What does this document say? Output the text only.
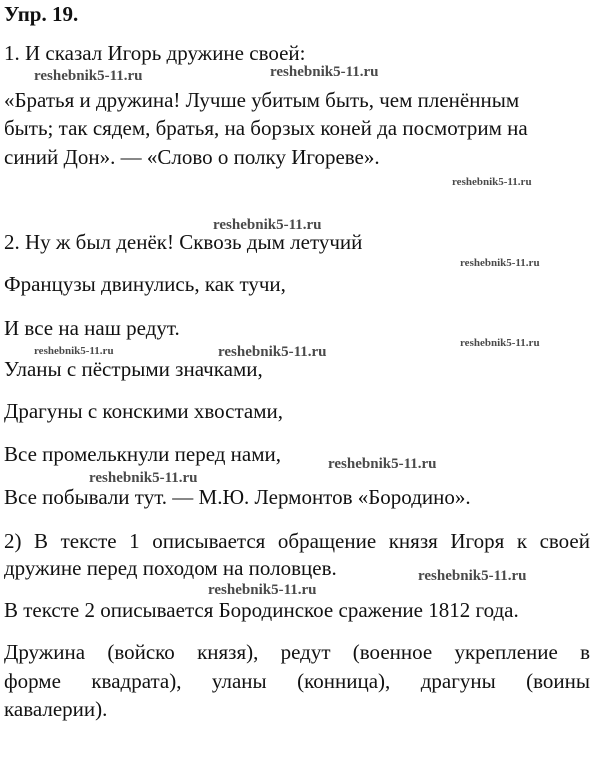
Упр. 19.
1. И сказал Игорь дружине своей:
«Братья и дружина! Лучше убитым быть, чем пленённым
быть; так сядем, братья, на борзых коней да посмотрим на
синий Дон». — «Слово о полку Игореве».
2. Ну ж был денёк! Сквозь дым летучий
Французы двинулись, как тучи,
И все на наш редут.
Уланы с пёстрыми значками,
Драгуны с конскими хвостами,
Все промелькнули перед нами,
Все побывали тут. — М.Ю. Лермонтов «Бородино».
2) В тексте 1 описывается обращение князя Игоря к своей
дружине перед походом на половцев.
В тексте 2 описывается Бородинское сражение 1812 года.
Дружина (войско князя), редут (военное укрепление в
форме квадрата), уланы (конница), драгуны (воины
кавалерии).
reshebnik5-11.ru	reshebnik5-11.ru
reshebnik5-11.ru
reshebnik5-11.ru
reshebnik5-11.ru
reshebnik5-11.ru	reshebnik5-11.ru
reshebnik5-11.ru
reshebnik5-11.ru
reshebnik5-11.ru
reshebnik5-11.ru
reshebnik5-11.ru
